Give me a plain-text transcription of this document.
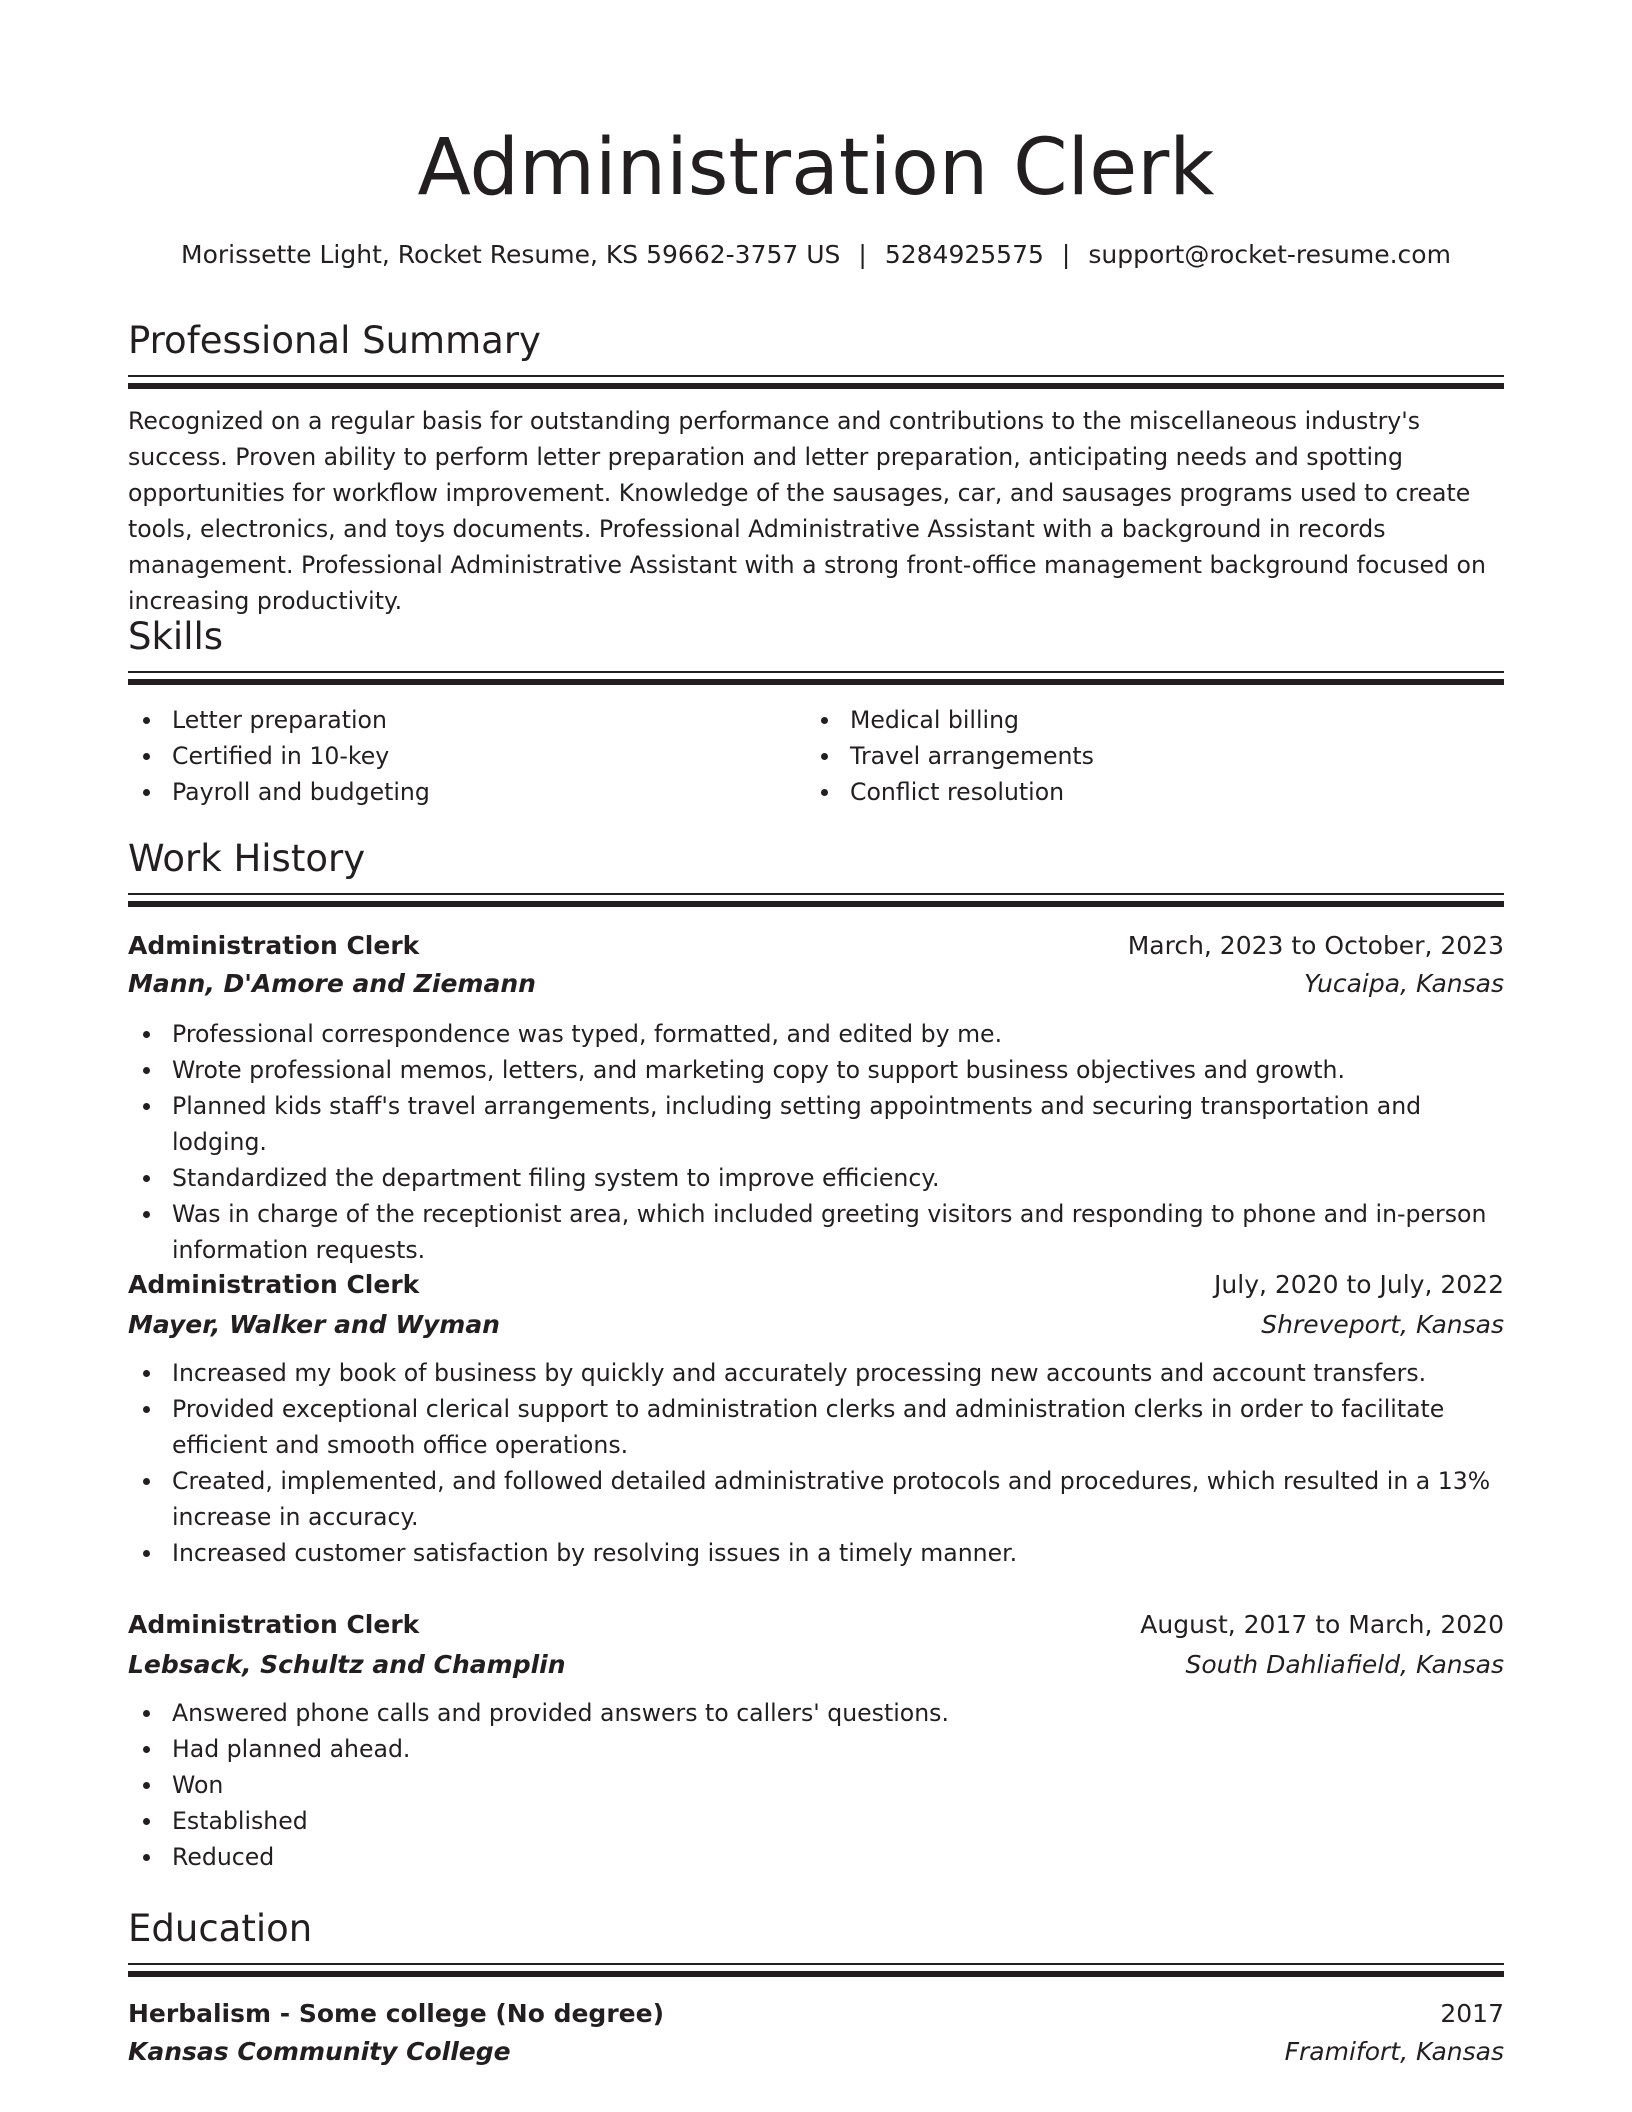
Administration Clerk
Morissette Light, Rocket Resume, KS 59662-3757 US | 5284925575 | support@rocket-resume.com
Professional Summary
Recognized on a regular basis for outstanding performance and contributions to the miscellaneous industry's success. Proven ability to perform letter preparation and letter preparation, anticipating needs and spotting opportunities for workflow improvement. Knowledge of the sausages, car, and sausages programs used to create tools, electronics, and toys documents. Professional Administrative Assistant with a background in records management. Professional Administrative Assistant with a strong front-office management background focused on increasing productivity.
Skills
Letter preparation
Certified in 10-key
Payroll and budgeting
Medical billing
Travel arrangements
Conflict resolution
Work History
Administration Clerk	March, 2023 to October, 2023
Mann, D'Amore and Ziemann	Yucaipa, Kansas
Professional correspondence was typed, formatted, and edited by me.
Wrote professional memos, letters, and marketing copy to support business objectives and growth.
Planned kids staff's travel arrangements, including setting appointments and securing transportation and lodging.
Standardized the department filing system to improve efficiency.
Was in charge of the receptionist area, which included greeting visitors and responding to phone and in-person information requests.
Administration Clerk	July, 2020 to July, 2022
Mayer, Walker and Wyman	Shreveport, Kansas
Increased my book of business by quickly and accurately processing new accounts and account transfers.
Provided exceptional clerical support to administration clerks and administration clerks in order to facilitate efficient and smooth office operations.
Created, implemented, and followed detailed administrative protocols and procedures, which resulted in a 13% increase in accuracy.
Increased customer satisfaction by resolving issues in a timely manner.
Administration Clerk	August, 2017 to March, 2020
Lebsack, Schultz and Champlin	South Dahliafield, Kansas
Answered phone calls and provided answers to callers' questions.
Had planned ahead.
Won
Established
Reduced
Education
Herbalism - Some college (No degree)	2017
Kansas Community College	Framifort, Kansas
